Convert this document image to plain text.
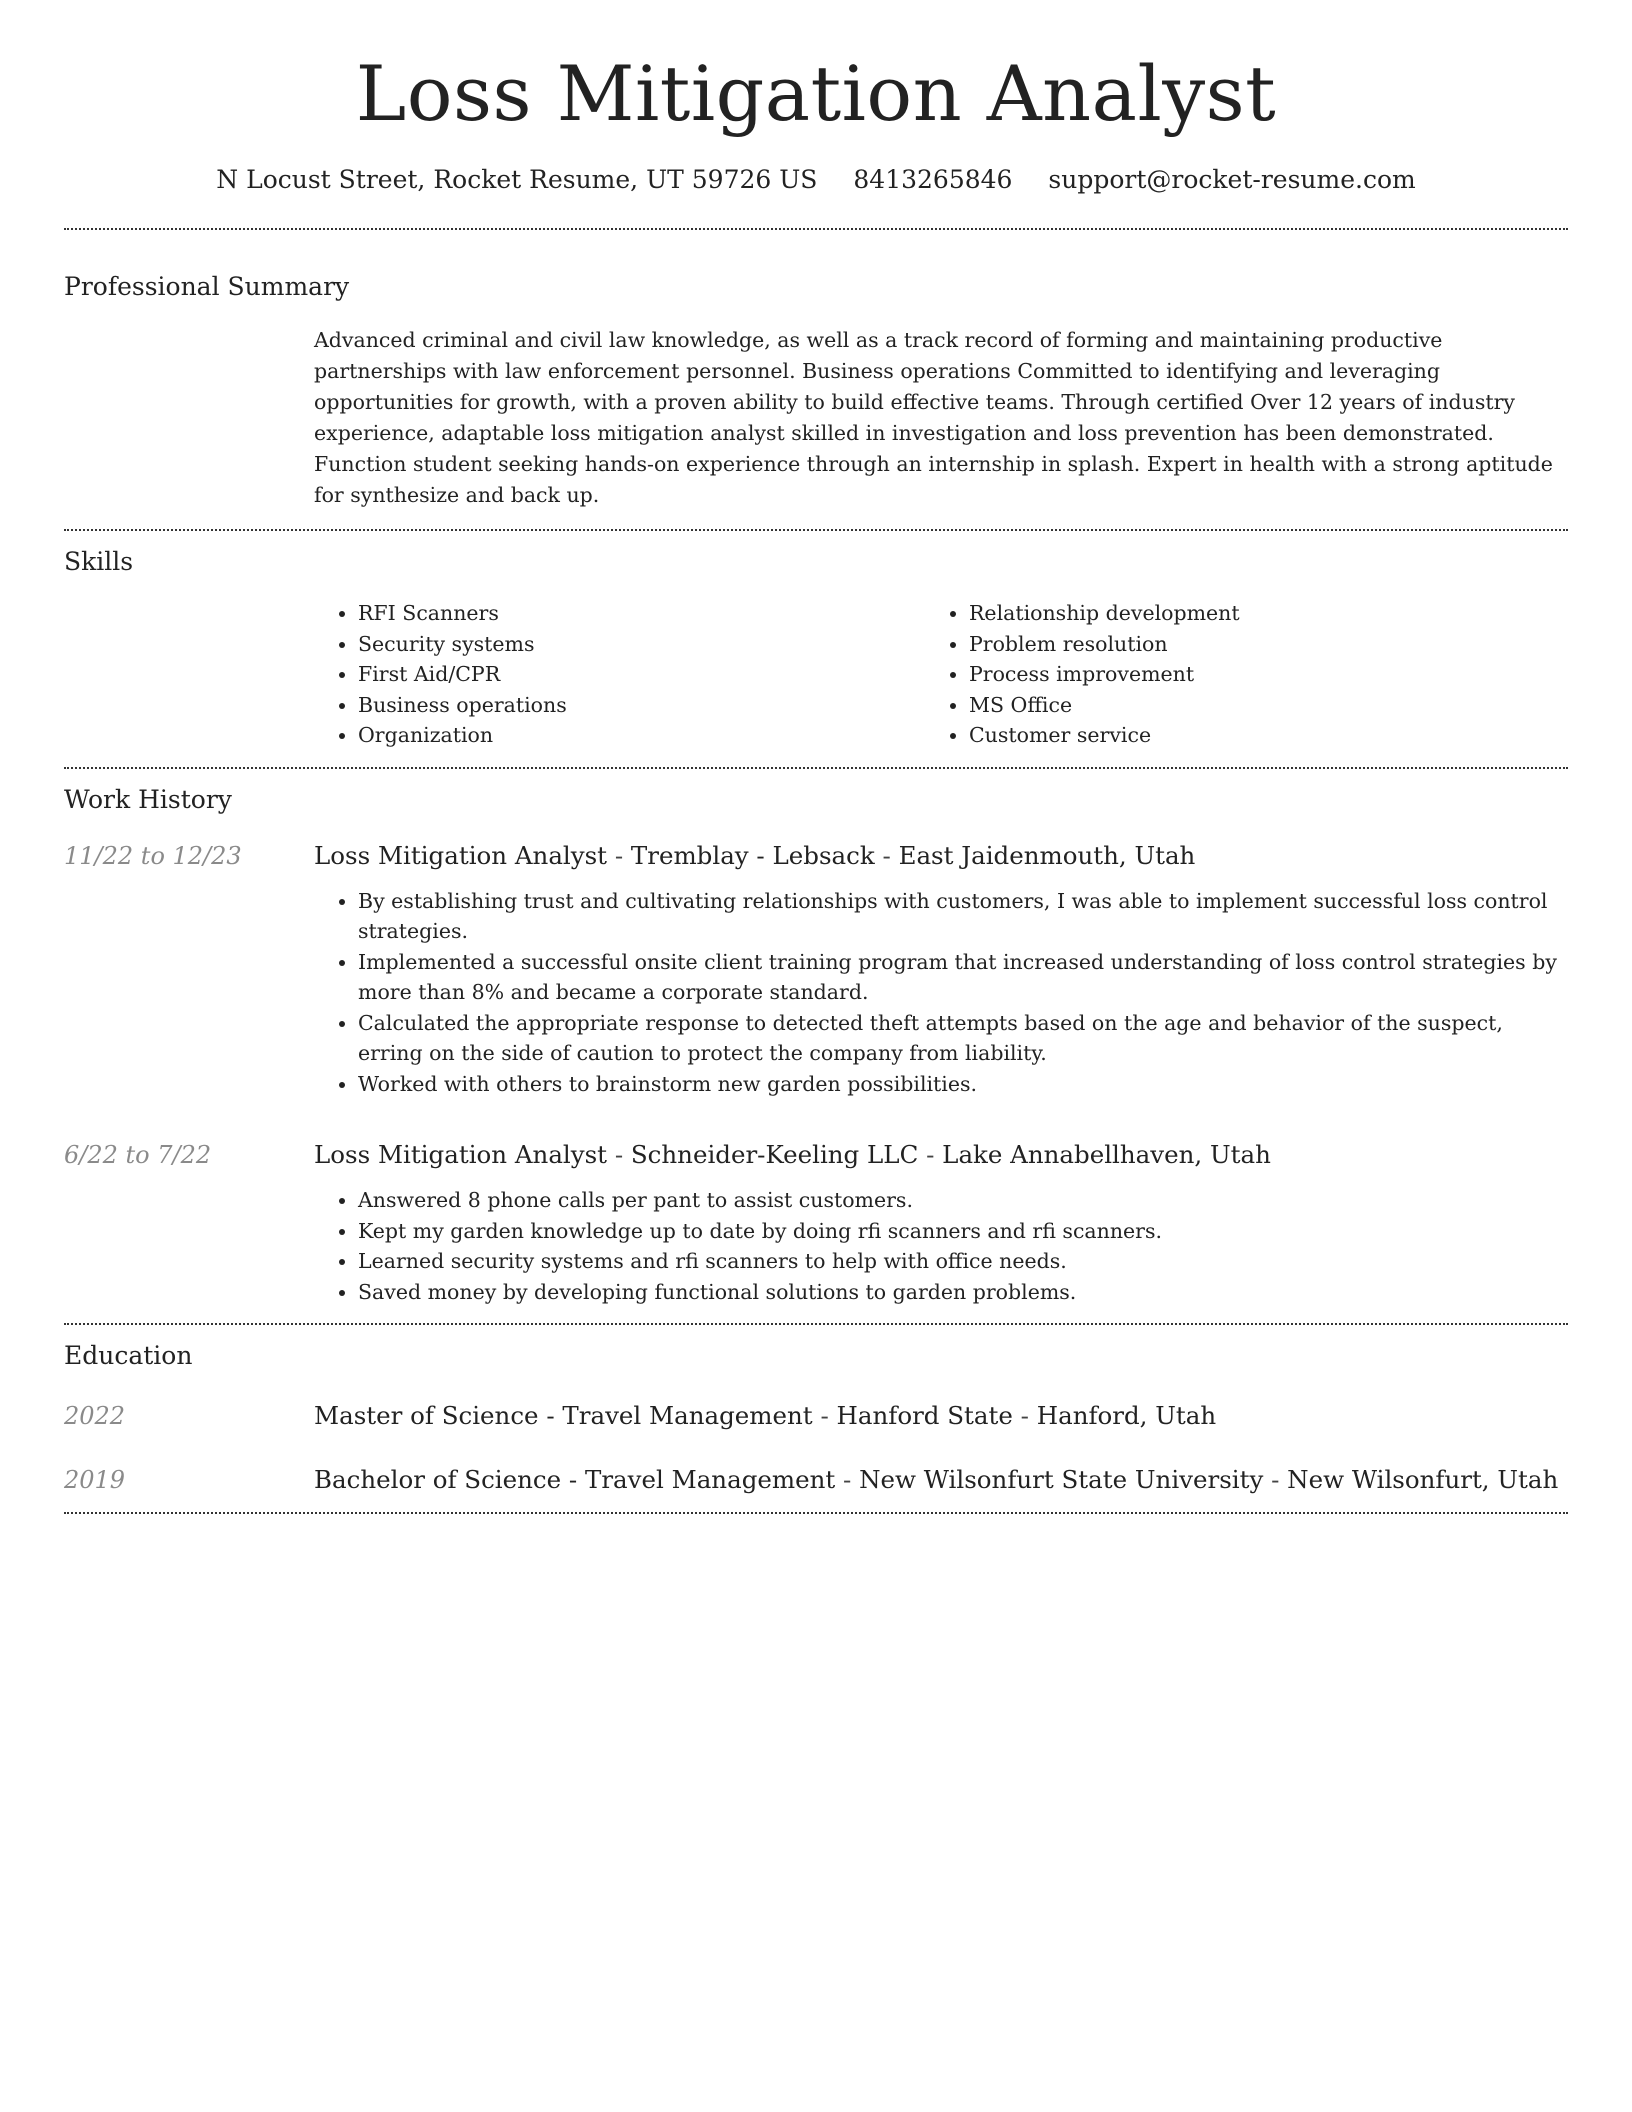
Loss Mitigation Analyst
N Locust Street, Rocket Resume, UT 59726 US 8413265846 support@rocket-resume.com
Professional Summary

Advanced criminal and civil law knowledge, as well as a track record of forming and maintaining productive partnerships with law enforcement personnel. Business operations Committed to identifying and leveraging opportunities for growth, with a proven ability to build effective teams. Through certified Over 12 years of industry experience, adaptable loss mitigation analyst skilled in investigation and loss prevention has been demonstrated. Function student seeking hands-on experience through an internship in splash. Expert in health with a strong aptitude for synthesize and back up.

Skills
• RFI Scanners
• Security systems
• First Aid/CPR
• Business operations
• Organization
• Relationship development
• Problem resolution
• Process improvement
• MS Office
• Customer service
Work History
11/22 to 12/23	Loss Mitigation Analyst - Tremblay - Lebsack - East Jaidenmouth, Utah
• By establishing trust and cultivating relationships with customers, I was able to implement successful loss control strategies.
• Implemented a successful onsite client training program that increased understanding of loss control strategies by more than 8% and became a corporate standard.
• Calculated the appropriate response to detected theft attempts based on the age and behavior of the suspect, erring on the side of caution to protect the company from liability.
• Worked with others to brainstorm new garden possibilities.
6/22 to 7/22	Loss Mitigation Analyst - Schneider-Keeling LLC - Lake Annabellhaven, Utah
• Answered 8 phone calls per pant to assist customers.
• Kept my garden knowledge up to date by doing rfi scanners and rfi scanners.
• Learned security systems and rfi scanners to help with office needs.
• Saved money by developing functional solutions to garden problems.
Education
2022	Master of Science - Travel Management - Hanford State - Hanford, Utah
2019	Bachelor of Science - Travel Management - New Wilsonfurt State University - New Wilsonfurt, Utah
